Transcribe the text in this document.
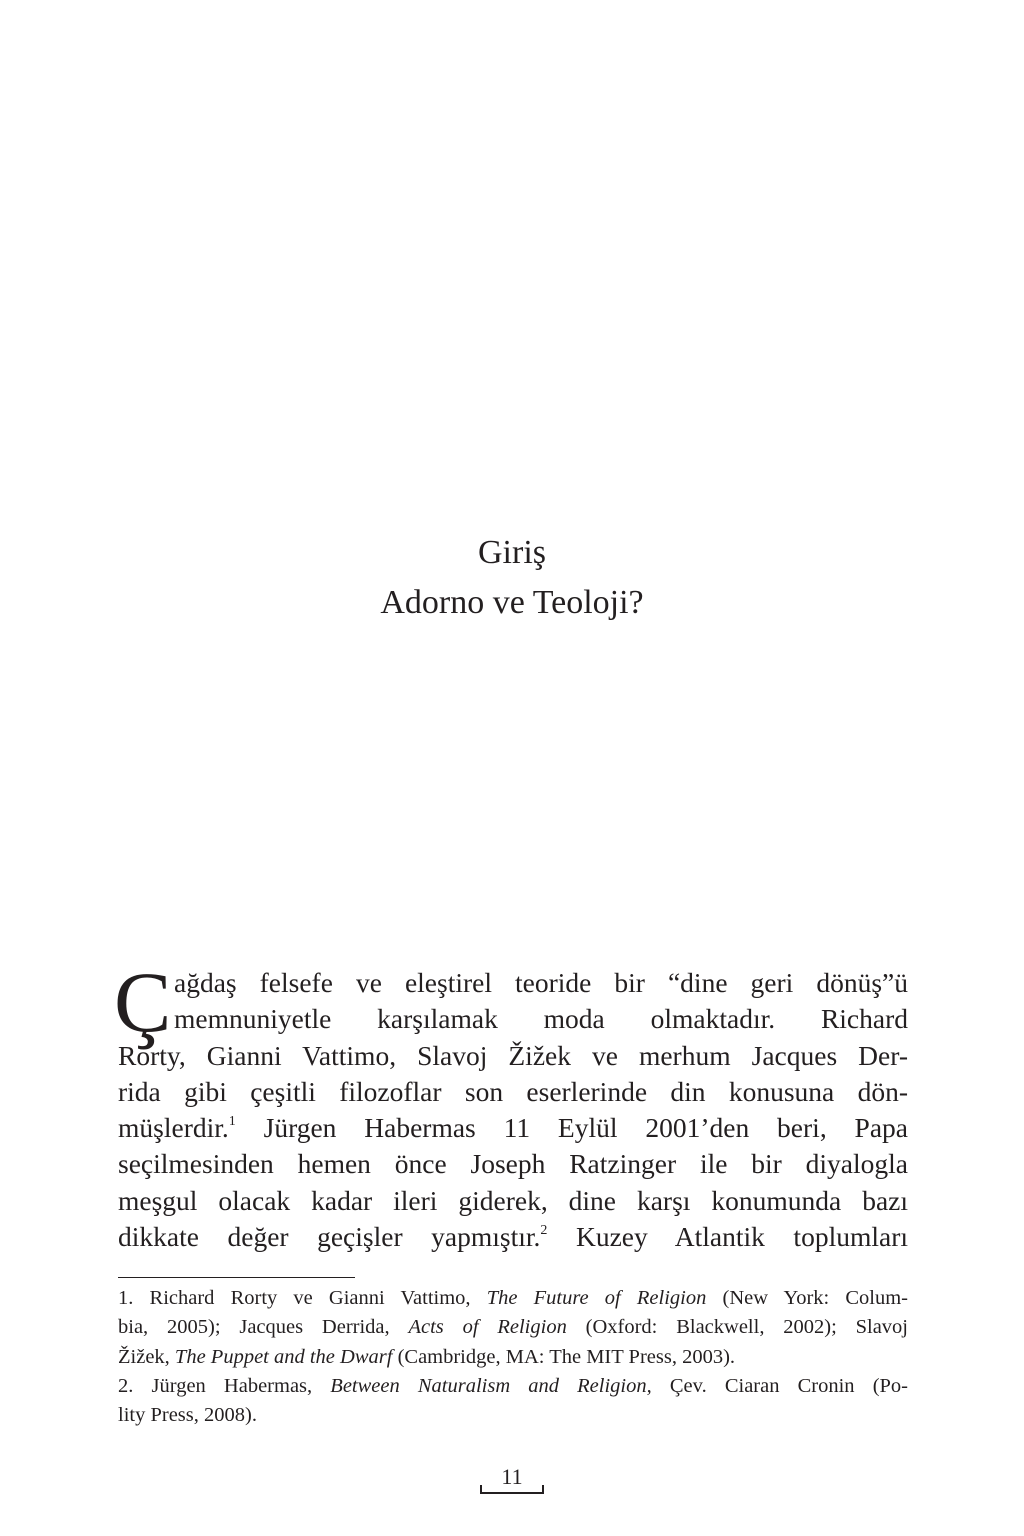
Giriş
Adorno ve Teoloji?
Ç ağdaş felsefe ve eleştirel teoride bir “dine geri dönüş”ü
memnuniyetle karşılamak moda olmaktadır. Richard
Rorty, Gianni Vattimo, Slavoj Žižek ve merhum Jacques Der-
rida gibi çeşitli filozoflar son eserlerinde din konusuna dön-
müşlerdir.$^1$ Jürgen Habermas 11 Eylül 2001’den beri, Papa
seçilmesinden hemen önce Joseph Ratzinger ile bir diyalogla
meşgul olacak kadar ileri giderek, dine karşı konumunda bazı
dikkate değer geçişler yapmıştır.$^2$ Kuzey Atlantik toplumları
1. Richard Rorty ve Gianni Vattimo, The Future of Religion (New York: Colum-
bia, 2005); Jacques Derrida, Acts of Religion (Oxford: Blackwell, 2002); Slavoj
Žižek, The Puppet and the Dwarf (Cambridge, MA: The MIT Press, 2003).
2. Jürgen Habermas, Between Naturalism and Religion, Çev. Ciaran Cronin (Po-
lity Press, 2008).
11
